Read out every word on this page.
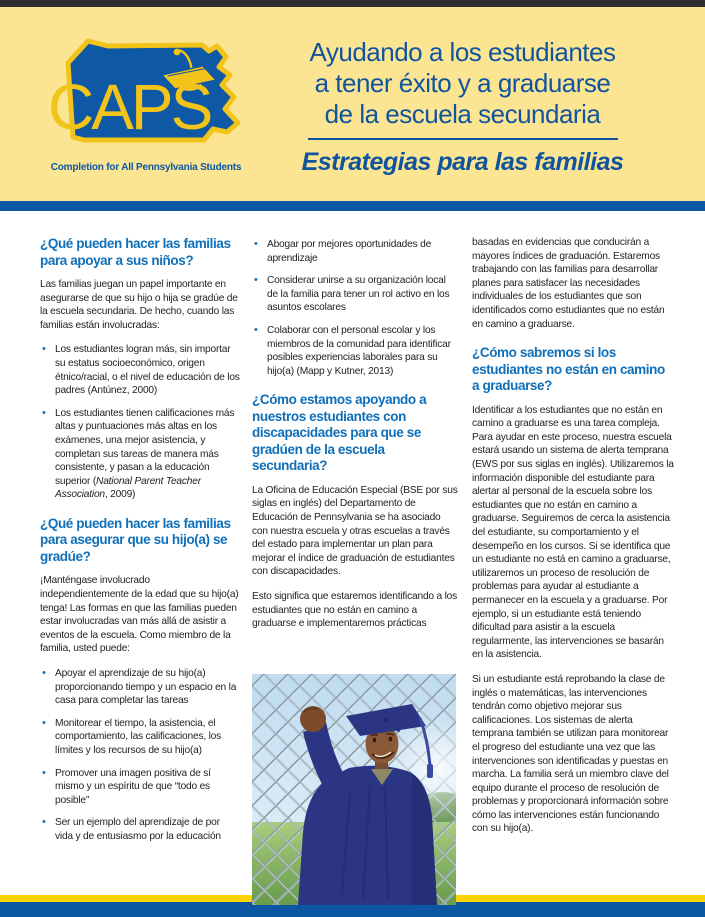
CAPS
Completion for All Pennsylvania Students
Ayudando a los estudiantes
a tener éxito y a graduarse
de la escuela secundaria
Estrategias para las familias
¿Qué pueden hacer las familias para apoyar a sus niños?

Las familias juegan un papel importante en asegurarse de que su hijo o hija se gradúe de la escuela secundaria. De hecho, cuando las familias están involucradas:

• Los estudiantes logran más, sin importar su estatus socioeconómico, origen étnico/racial, o el nivel de educación de los padres (Antúnez, 2000)
• Los estudiantes tienen calificaciones más altas y puntuaciones más altas en los exámenes, una mejor asistencia, y completan sus tareas de manera más consistente, y pasan a la educación superior (National Parent Teacher Association, 2009)
¿Qué pueden hacer las familias para asegurar que su hijo(a) se gradúe?

¡Manténgase involucrado independientemente de la edad que su hijo(a) tenga! Las formas en que las familias pueden estar involucradas van más allá de asistir a eventos de la escuela. Como miembro de la familia, usted puede:

• Apoyar el aprendizaje de su hijo(a) proporcionando tiempo y un espacio en la casa para completar las tareas
• Monitorear el tiempo, la asistencia, el comportamiento, las calificaciones, los límites y los recursos de su hijo(a)
• Promover una imagen positiva de sí mismo y un espíritu de que “todo es posible”
• Ser un ejemplo del aprendizaje de por vida y de entusiasmo por la educación
• Abogar por mejores oportunidades de aprendizaje
• Considerar unirse a su organización local de la familia para tener un rol activo en los asuntos escolares
• Colaborar con el personal escolar y los miembros de la comunidad para identificar posibles experiencias laborales para su hijo(a) (Mapp y Kutner, 2013)
¿Cómo estamos apoyando a nuestros estudiantes con discapacidades para que se gradúen de la escuela secundaria?

La Oficina de Educación Especial (BSE por sus siglas en inglés) del Departamento de Educación de Pennsylvania se ha asociado con nuestra escuela y otras escuelas a través del estado para implementar un plan para mejorar el índice de graduación de estudiantes con discapacidades.

Esto significa que estaremos identificando a los estudiantes que no están en camino a graduarse e implementaremos prácticas

basadas en evidencias que conducirán a mayores índices de graduación. Estaremos trabajando con las familias para desarrollar planes para satisfacer las necesidades individuales de los estudiantes que son identificados como estudiantes que no están en camino a graduarse.

¿Cómo sabremos si los estudiantes no están en camino a graduarse?

Identificar a los estudiantes que no están en camino a graduarse es una tarea compleja. Para ayudar en este proceso, nuestra escuela estará usando un sistema de alerta temprana (EWS por sus siglas en inglés). Utilizaremos la información disponible del estudiante para alertar al personal de la escuela sobre los estudiantes que no están en camino a graduarse. Seguiremos de cerca la asistencia del estudiante, su comportamiento y el desempeño en los cursos. Si se identifica que un estudiante no está en camino a graduarse, utilizaremos un proceso de resolución de problemas para ayudar al estudiante a permanecer en la escuela y a graduarse. Por ejemplo, si un estudiante está teniendo dificultad para asistir a la escuela regularmente, las intervenciones se basarán en la asistencia.

Si un estudiante está reprobando la clase de inglés o matemáticas, las intervenciones tendrán como objetivo mejorar sus calificaciones. Los sistemas de alerta temprana también se utilizan para monitorear el progreso del estudiante una vez que las intervenciones son identificadas y puestas en marcha. La familia será un miembro clave del equipo durante el proceso de resolución de problemas y proporcionará información sobre cómo las intervenciones están funcionando con su hijo(a).
